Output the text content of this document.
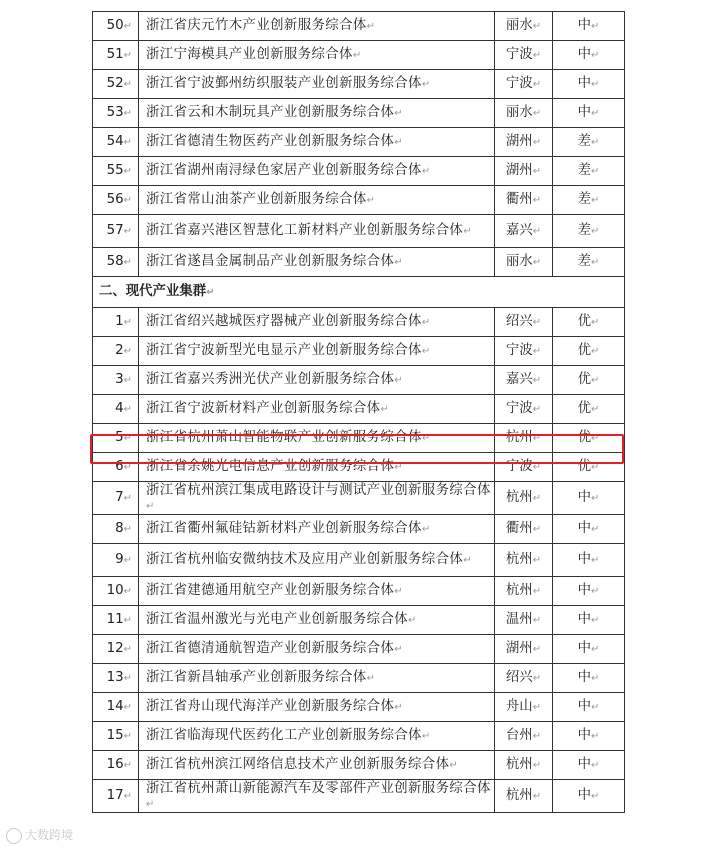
50↵	浙江省庆元竹木产业创新服务综合体↵	丽水↵	中↵
51↵	浙江宁海模具产业创新服务综合体↵	宁波↵	中↵
52↵	浙江省宁波鄞州纺织服装产业创新服务综合体↵	宁波↵	中↵
53↵	浙江省云和木制玩具产业创新服务综合体↵	丽水↵	中↵
54↵	浙江省德清生物医药产业创新服务综合体↵	湖州↵	差↵
55↵	浙江省湖州南浔绿色家居产业创新服务综合体↵	湖州↵	差↵
56↵	浙江省常山油茶产业创新服务综合体↵	衢州↵	差↵
57↵	浙江省嘉兴港区智慧化工新材料产业创新服务综合体↵	嘉兴↵	差↵
58↵	浙江省遂昌金属制品产业创新服务综合体↵	丽水↵	差↵
二、现代产业集群↵			
1↵	浙江省绍兴越城医疗器械产业创新服务综合体↵	绍兴↵	优↵
2↵	浙江省宁波新型光电显示产业创新服务综合体↵	宁波↵	优↵
3↵	浙江省嘉兴秀洲光伏产业创新服务综合体↵	嘉兴↵	优↵
4↵	浙江省宁波新材料产业创新服务综合体↵	宁波↵	优↵
5↵	浙江省杭州萧山智能物联产业创新服务综合体↵	杭州↵	优↵
6↵	浙江省余姚光电信息产业创新服务综合体↵	宁波↵	优↵
7↵	浙江省杭州滨江集成电路设计与测试产业创新服务综合体↵	杭州↵	中↵
8↵	浙江省衢州氟硅钴新材料产业创新服务综合体↵	衢州↵	中↵
9↵	浙江省杭州临安微纳技术及应用产业创新服务综合体↵	杭州↵	中↵
10↵	浙江省建德通用航空产业创新服务综合体↵	杭州↵	中↵
11↵	浙江省温州激光与光电产业创新服务综合体↵	温州↵	中↵
12↵	浙江省德清通航智造产业创新服务综合体↵	湖州↵	中↵
13↵	浙江省新昌轴承产业创新服务综合体↵	绍兴↵	中↵
14↵	浙江省舟山现代海洋产业创新服务综合体↵	舟山↵	中↵
15↵	浙江省临海现代医药化工产业创新服务综合体↵	台州↵	中↵
16↵	浙江省杭州滨江网络信息技术产业创新服务综合体↵	杭州↵	中↵
17↵	浙江省杭州萧山新能源汽车及零部件产业创新服务综合体↵	杭州↵	中↵
大数跨境
